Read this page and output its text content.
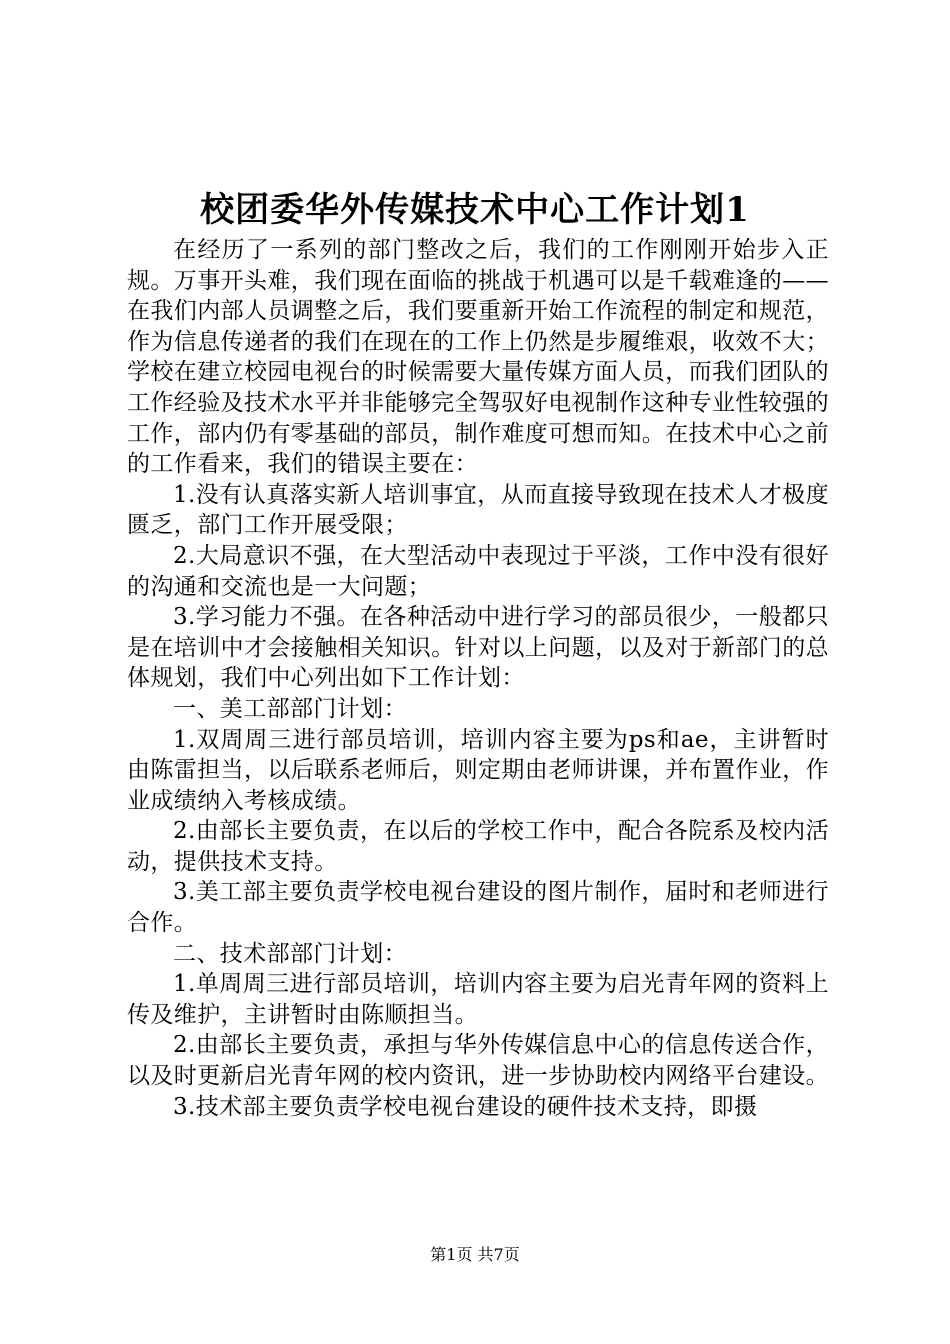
校团委华外传媒技术中心工作计划1

在经历了一系列的部门整改之后，我们的工作刚刚开始步入正规。万事开头难，我们现在面临的挑战于机遇可以是千载难逢的——在我们内部人员调整之后，我们要重新开始工作流程的制定和规范，作为信息传递者的我们在现在的工作上仍然是步履维艰，收效不大；学校在建立校园电视台的时候需要大量传媒方面人员，而我们团队的工作经验及技术水平并非能够完全驾驭好电视制作这种专业性较强的工作，部内仍有零基础的部员，制作难度可想而知。在技术中心之前的工作看来，我们的错误主要在：

1.没有认真落实新人培训事宜，从而直接导致现在技术人才极度匮乏，部门工作开展受限；

2.大局意识不强，在大型活动中表现过于平淡，工作中没有很好的沟通和交流也是一大问题；

3.学习能力不强。在各种活动中进行学习的部员很少，一般都只是在培训中才会接触相关知识。针对以上问题，以及对于新部门的总体规划，我们中心列出如下工作计划：

一、美工部部门计划：

1.双周周三进行部员培训，培训内容主要为ps和ae，主讲暂时由陈雷担当，以后联系老师后，则定期由老师讲课，并布置作业，作业成绩纳入考核成绩。

2.由部长主要负责，在以后的学校工作中，配合各院系及校内活动，提供技术支持。

3.美工部主要负责学校电视台建设的图片制作，届时和老师进行合作。

二、技术部部门计划：

1.单周周三进行部员培训，培训内容主要为启光青年网的资料上传及维护，主讲暂时由陈顺担当。

2.由部长主要负责，承担与华外传媒信息中心的信息传送合作，以及时更新启光青年网的校内资讯，进一步协助校内网络平台建设。

3.技术部主要负责学校电视台建设的硬件技术支持，即摄

第1页 共7页
